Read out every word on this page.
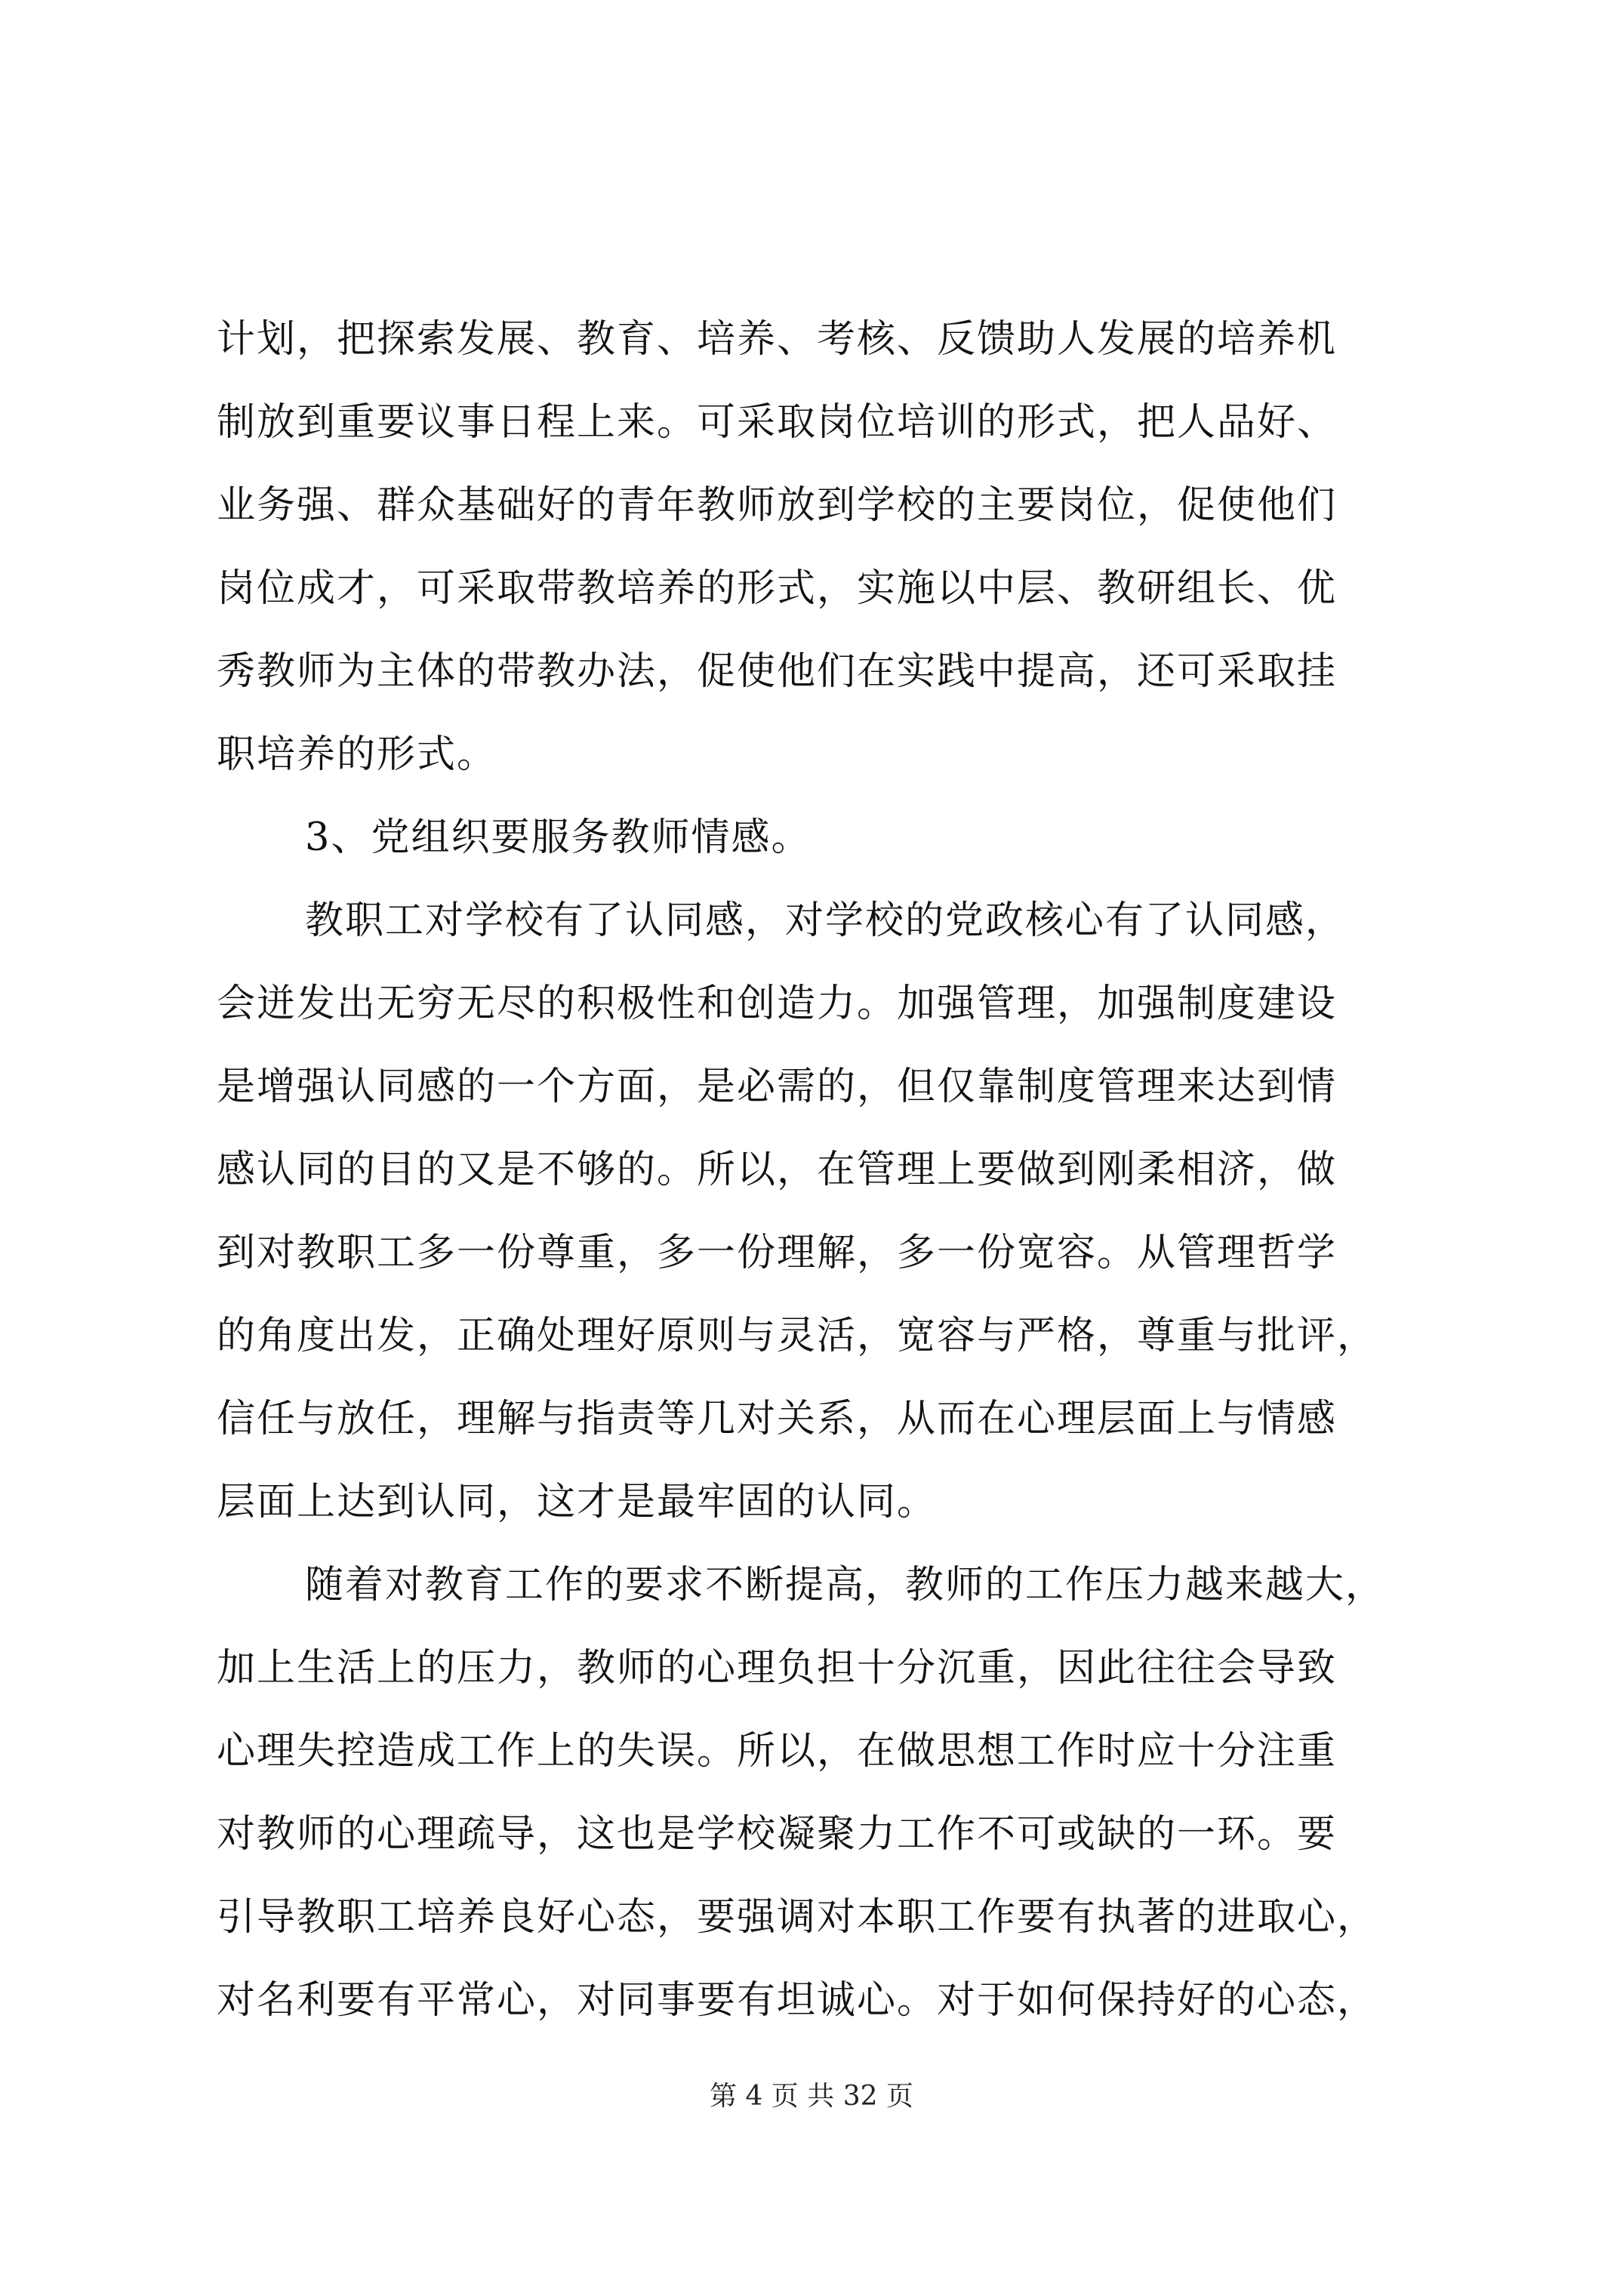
计划，把探索发展、教育、培养、考核、反馈助人发展的培养机
制放到重要议事日程上来。可采取岗位培训的形式，把人品好、
业务强、群众基础好的青年教师放到学校的主要岗位，促使他们
岗位成才，可采取带教培养的形式，实施以中层、教研组长、优
秀教师为主体的带教办法，促使他们在实践中提高，还可采取挂
职培养的形式。
3、党组织要服务教师情感。
教职工对学校有了认同感，对学校的党政核心有了认同感，
会迸发出无穷无尽的积极性和创造力。加强管理，加强制度建设
是增强认同感的一个方面，是必需的，但仅靠制度管理来达到情
感认同的目的又是不够的。所以，在管理上要做到刚柔相济，做
到对教职工多一份尊重，多一份理解，多一份宽容。从管理哲学
的角度出发，正确处理好原则与灵活，宽容与严格，尊重与批评，
信任与放任，理解与指责等几对关系，从而在心理层面上与情感
层面上达到认同，这才是最牢固的认同。
随着对教育工作的要求不断提高，教师的工作压力越来越大，
加上生活上的压力，教师的心理负担十分沉重，因此往往会导致
心理失控造成工作上的失误。所以，在做思想工作时应十分注重
对教师的心理疏导，这也是学校凝聚力工作不可或缺的一环。要
引导教职工培养良好心态，要强调对本职工作要有执著的进取心，
对名利要有平常心，对同事要有坦诚心。对于如何保持好的心态，
第 4 页 共 32 页
